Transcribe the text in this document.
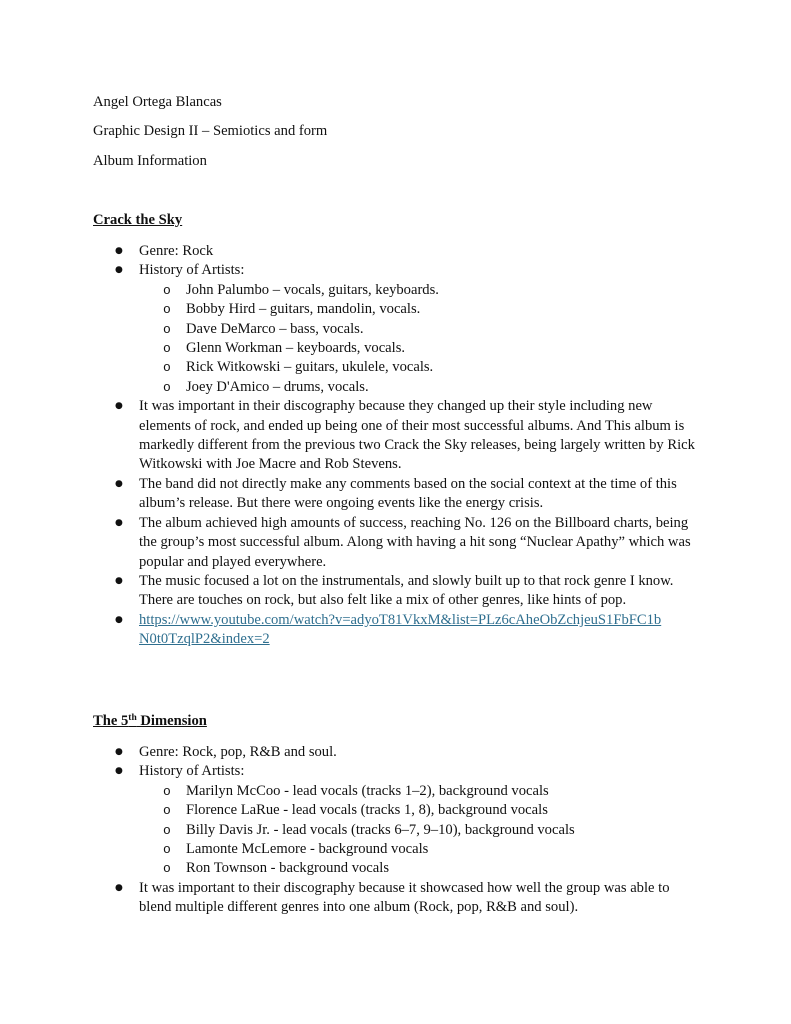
Angel Ortega Blancas

Graphic Design II – Semiotics and form

Album Information

Crack the Sky

● Genre: Rock
● History of Artists:
o John Palumbo – vocals, guitars, keyboards.
o Bobby Hird – guitars, mandolin, vocals.
o Dave DeMarco – bass, vocals.
o Glenn Workman – keyboards, vocals.
o Rick Witkowski – guitars, ukulele, vocals.
o Joey D'Amico – drums, vocals.
● It was important in their discography because they changed up their style including new elements of rock, and ended up being one of their most successful albums. And This album is markedly different from the previous two Crack the Sky releases, being largely written by Rick Witkowski with Joe Macre and Rob Stevens.
● The band did not directly make any comments based on the social context at the time of this album’s release. But there were ongoing events like the energy crisis.
● The album achieved high amounts of success, reaching No. 126 on the Billboard charts, being the group’s most successful album. Along with having a hit song “Nuclear Apathy” which was popular and played everywhere.
● The music focused a lot on the instrumentals, and slowly built up to that rock genre I know. There are touches on rock, but also felt like a mix of other genres, like hints of pop.
● https://www.youtube.com/watch?v=adyoT81VkxM&list=PLz6cAheObZchjeuS1FbFC1b
N0t0TzqlP2&index=2

The 5th Dimension

● Genre: Rock, pop, R&B and soul.
● History of Artists:
o Marilyn McCoo - lead vocals (tracks 1–2), background vocals
o Florence LaRue - lead vocals (tracks 1, 8), background vocals
o Billy Davis Jr. - lead vocals (tracks 6–7, 9–10), background vocals
o Lamonte McLemore - background vocals
o Ron Townson - background vocals
● It was important to their discography because it showcased how well the group was able to blend multiple different genres into one album (Rock, pop, R&B and soul).
